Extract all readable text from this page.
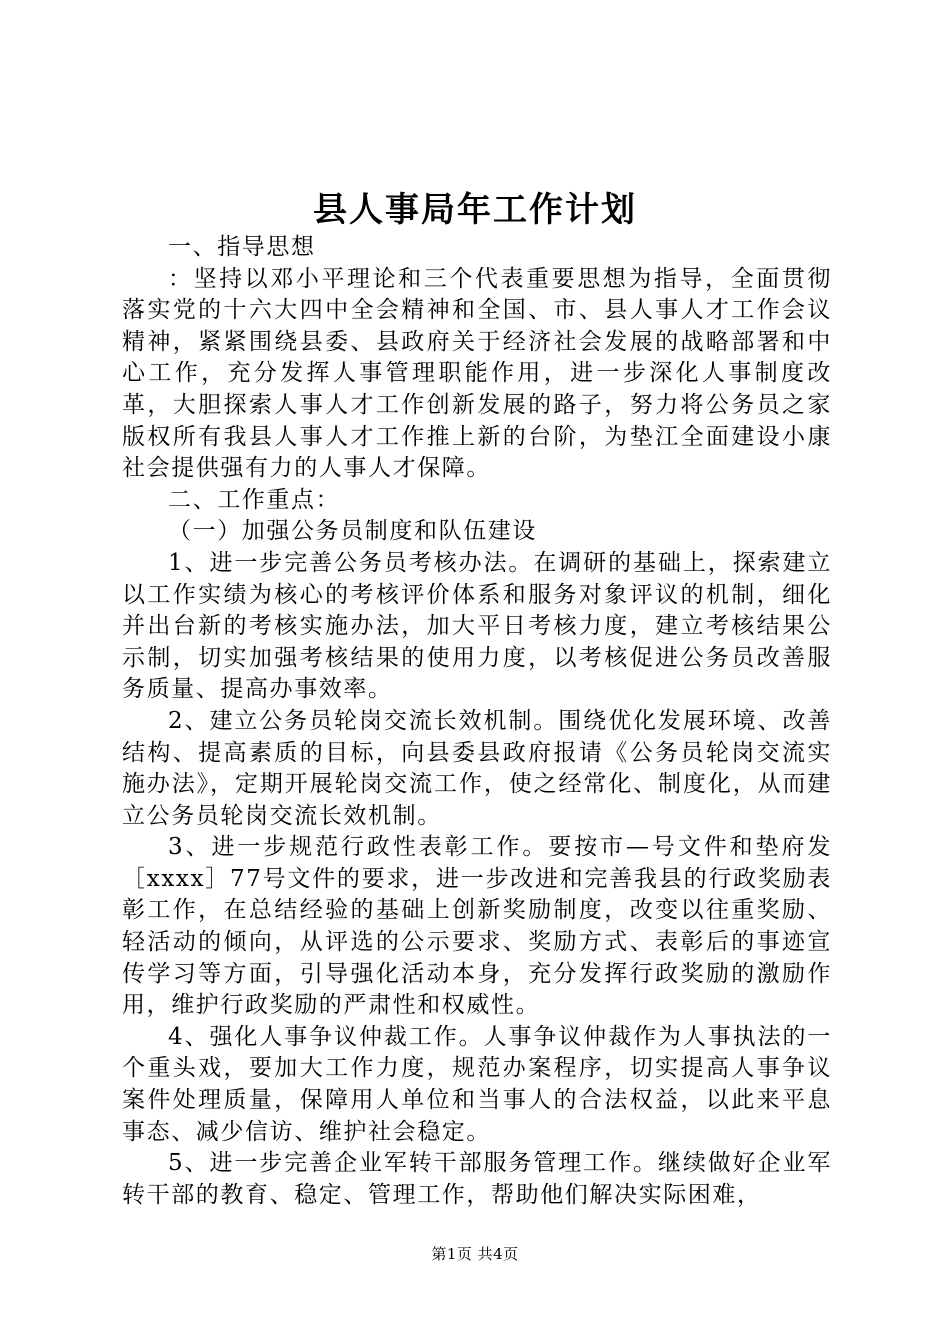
县人事局年工作计划

一、指导思想

：坚持以邓小平理论和三个代表重要思想为指导，全面贯彻落实党的十六大四中全会精神和全国、市、县人事人才工作会议精神，紧紧围绕县委、县政府关于经济社会发展的战略部署和中心工作，充分发挥人事管理职能作用，进一步深化人事制度改革，大胆探索人事人才工作创新发展的路子，努力将公务员之家版权所有我县人事人才工作推上新的台阶，为垫江全面建设小康社会提供强有力的人事人才保障。

二、工作重点：

（一）加强公务员制度和队伍建设

1、进一步完善公务员考核办法。在调研的基础上，探索建立以工作实绩为核心的考核评价体系和服务对象评议的机制，细化并出台新的考核实施办法，加大平日考核力度，建立考核结果公示制，切实加强考核结果的使用力度，以考核促进公务员改善服务质量、提高办事效率。

2、建立公务员轮岗交流长效机制。围绕优化发展环境、改善结构、提高素质的目标，向县委县政府报请《公务员轮岗交流实施办法》，定期开展轮岗交流工作，使之经常化、制度化，从而建立公务员轮岗交流长效机制。

3、进一步规范行政性表彰工作。要按市—号文件和垫府发［xxxx］77号文件的要求，进一步改进和完善我县的行政奖励表彰工作，在总结经验的基础上创新奖励制度，改变以往重奖励、轻活动的倾向，从评选的公示要求、奖励方式、表彰后的事迹宣传学习等方面，引导强化活动本身，充分发挥行政奖励的激励作用，维护行政奖励的严肃性和权威性。

4、强化人事争议仲裁工作。人事争议仲裁作为人事执法的一个重头戏，要加大工作力度，规范办案程序，切实提高人事争议案件处理质量，保障用人单位和当事人的合法权益，以此来平息事态、减少信访、维护社会稳定。

5、进一步完善企业军转干部服务管理工作。继续做好企业军转干部的教育、稳定、管理工作，帮助他们解决实际困难，

第1页 共4页
